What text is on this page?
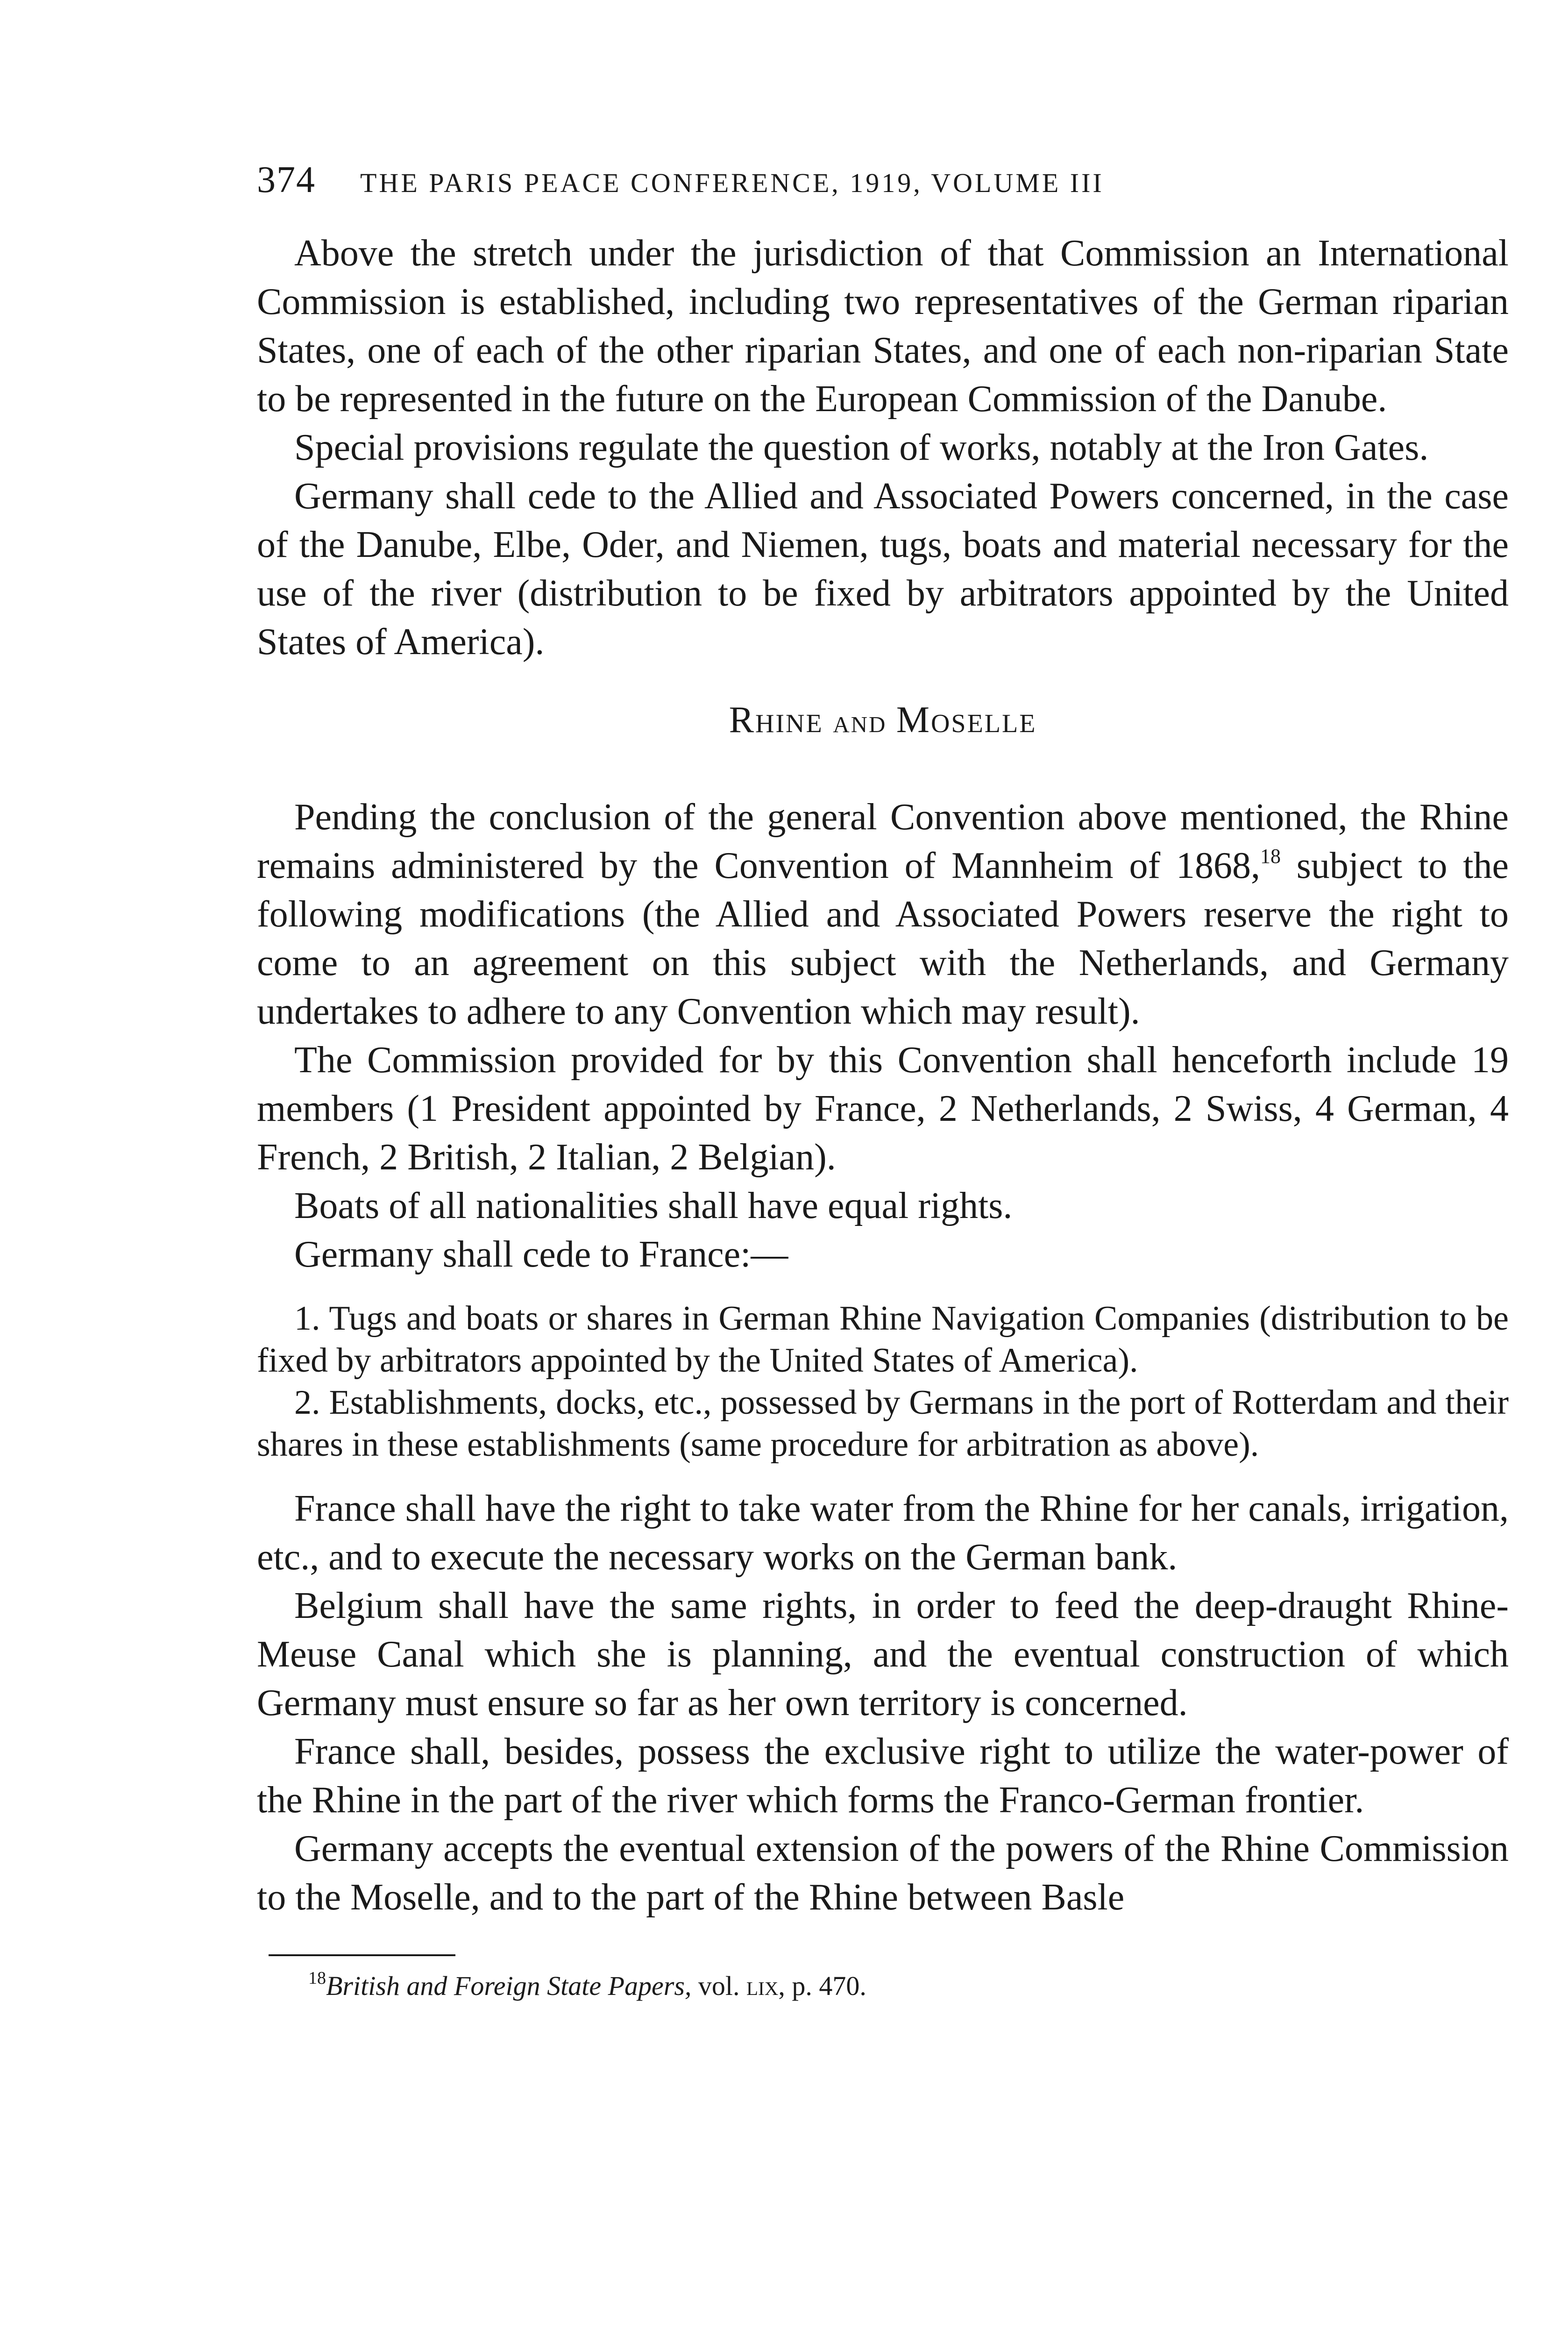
374 THE PARIS PEACE CONFERENCE, 1919, VOLUME III

Above the stretch under the jurisdiction of that Commission an International Commission is established, including two representatives of the German riparian States, one of each of the other riparian States, and one of each non-riparian State to be represented in the future on the European Commission of the Danube.

Special provisions regulate the question of works, notably at the Iron Gates.

Germany shall cede to the Allied and Associated Powers concerned, in the case of the Danube, Elbe, Oder, and Niemen, tugs, boats and material necessary for the use of the river (distribution to be fixed by arbitrators appointed by the United States of America).

Rhine and Moselle

Pending the conclusion of the general Convention above mentioned, the Rhine remains administered by the Convention of Mannheim of 1868,18 subject to the following modifications (the Allied and Associated Powers reserve the right to come to an agreement on this subject with the Netherlands, and Germany undertakes to adhere to any Convention which may result).

The Commission provided for by this Convention shall henceforth include 19 members (1 President appointed by France, 2 Netherlands, 2 Swiss, 4 German, 4 French, 2 British, 2 Italian, 2 Belgian).

Boats of all nationalities shall have equal rights.

Germany shall cede to France:—

1. Tugs and boats or shares in German Rhine Navigation Companies (distribution to be fixed by arbitrators appointed by the United States of America).

2. Establishments, docks, etc., possessed by Germans in the port of Rotterdam and their shares in these establishments (same procedure for arbitration as above).

France shall have the right to take water from the Rhine for her canals, irrigation, etc., and to execute the necessary works on the German bank.

Belgium shall have the same rights, in order to feed the deep-draught Rhine-Meuse Canal which she is planning, and the eventual construction of which Germany must ensure so far as her own territory is concerned.

France shall, besides, possess the exclusive right to utilize the water-power of the Rhine in the part of the river which forms the Franco-German frontier.

Germany accepts the eventual extension of the powers of the Rhine Commission to the Moselle, and to the part of the Rhine between Basle

$^{18}$British and Foreign State Papers, vol. lix, p. 470.
